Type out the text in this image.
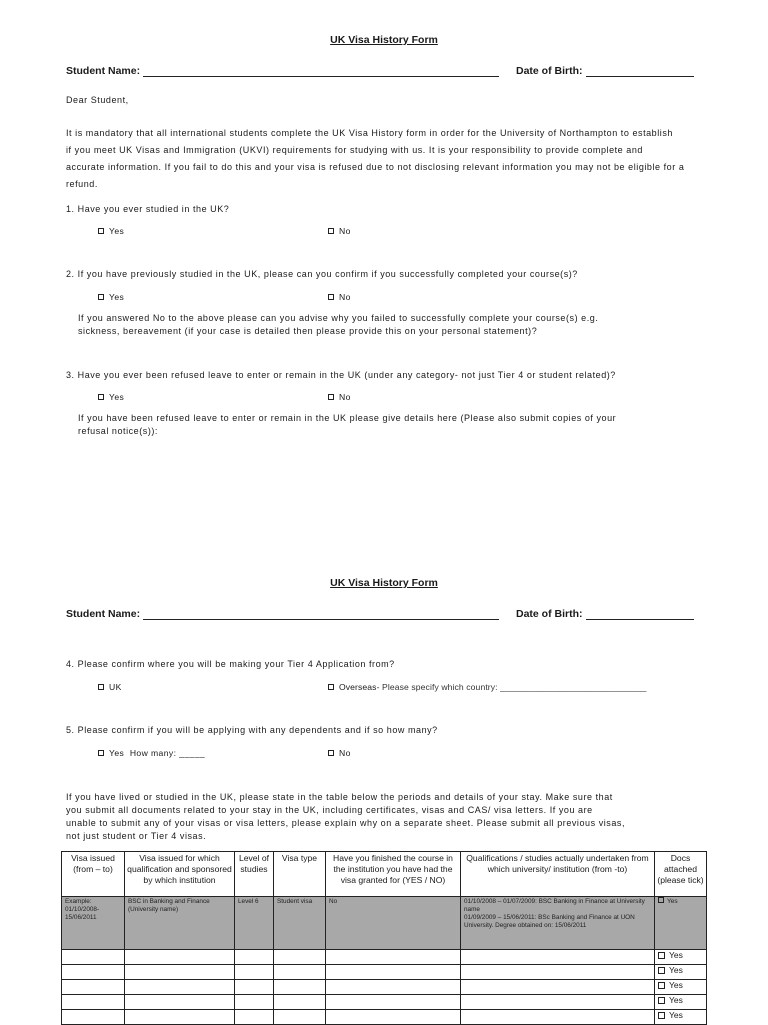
UK Visa History Form
Student Name:	Date of Birth:
Dear Student,
It is mandatory that all international students complete the UK Visa History form in order for the University of Northampton to establish
if you meet UK Visas and Immigration (UKVI) requirements for studying with us. It is your responsibility to provide complete and
accurate information. If you fail to do this and your visa is refused due to not disclosing relevant information you may not be eligible for a
refund.
1. Have you ever studied in the UK?
Yes	No
2. If you have previously studied in the UK, please can you confirm if you successfully completed your course(s)?
Yes	No
If you answered No to the above please can you advise why you failed to successfully complete your course(s) e.g.
sickness, bereavement (if your case is detailed then please provide this on your personal statement)?
3. Have you ever been refused leave to enter or remain in the UK (under any category- not just Tier 4 or student related)?
Yes	No
If you have been refused leave to enter or remain in the UK please give details here (Please also submit copies of your
refusal notice(s)):
UK Visa History Form
Student Name:	Date of Birth:
4. Please confirm where you will be making your Tier 4 Application from?
UK	Overseas- Please specify which country: ______________________________
5. Please confirm if you will be applying with any dependents and if so how many?
Yes How many: _____	No
If you have lived or studied in the UK, please state in the table below the periods and details of your stay. Make sure that
you submit all documents related to your stay in the UK, including certificates, visas and CAS/ visa letters. If you are
unable to submit any of your visas or visa letters, please explain why on a separate sheet. Please submit all previous visas,
not just student or Tier 4 visas.
Visa issued (from – to)	Visa issued for which qualification and sponsored by which institution	Level of studies	Visa type	Have you finished the course in the institution you have had the visa granted for (YES / NO)	Qualifications / studies actually undertaken from which university/ institution (from -to)	Docs attached (please tick)
Example: 01/10/2008- 15/06/2011	BSC in Banking and Finance (University name)	Level 6	Student visa	No	01/10/2008 – 01/07/2009: BSC Banking in Finance at University name
01/09/2009 – 15/06/2011: BSc Banking and Finance at UON University. Degree obtained on: 15/06/2011	Yes
						Yes
						Yes
						Yes
						Yes
						Yes
